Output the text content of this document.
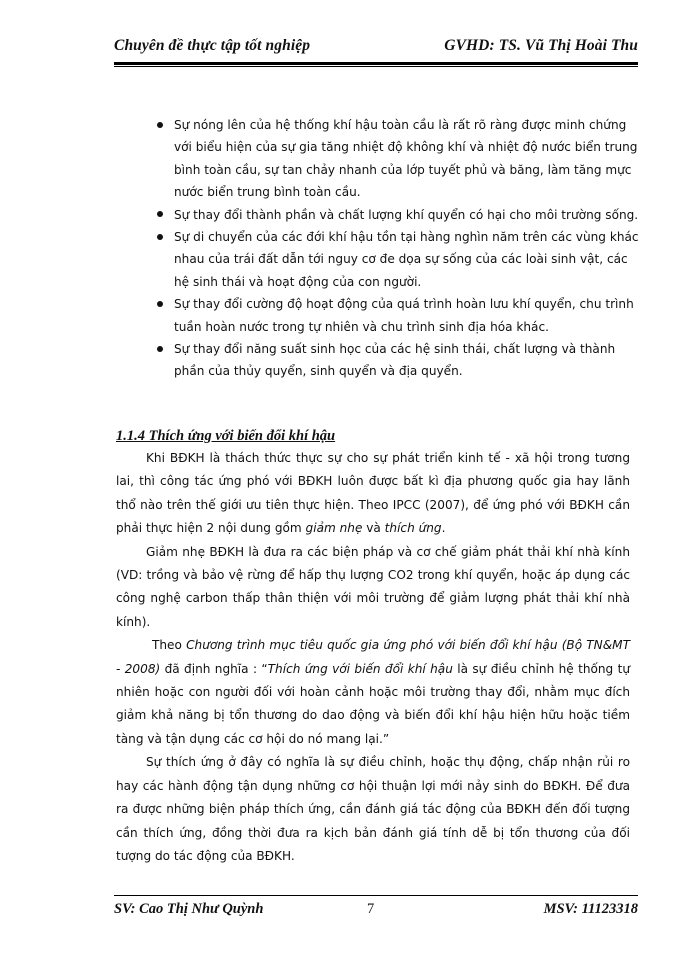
Chuyên đề thực tập tốt nghiệp	GVHD: TS. Vũ Thị Hoài Thu
Sự nóng lên của hệ thống khí hậu toàn cầu là rất rõ ràng được minh chứng với biểu hiện của sự gia tăng nhiệt độ không khí và nhiệt độ nước biển trung bình toàn cầu, sự tan chảy nhanh của lớp tuyết phủ và băng, làm tăng mực nước biển trung bình toàn cầu.
Sự thay đổi thành phần và chất lượng khí quyển có hại cho môi trường sống.
Sự di chuyển của các đới khí hậu tồn tại hàng nghìn năm trên các vùng khác nhau của trái đất dẫn tới nguy cơ đe dọa sự sống của các loài sinh vật, các hệ sinh thái và hoạt động của con người.
Sự thay đổi cường độ hoạt động của quá trình hoàn lưu khí quyển, chu trình tuần hoàn nước trong tự nhiên và chu trình sinh địa hóa khác.
Sự thay đổi năng suất sinh học của các hệ sinh thái, chất lượng và thành phần của thủy quyển, sinh quyển và địa quyển.
1.1.4 Thích ứng với biến đổi khí hậu

Khi BĐKH là thách thức thực sự cho sự phát triển kinh tế - xã hội trong tương lai, thì công tác ứng phó với BĐKH luôn được bất kì địa phương quốc gia hay lãnh thổ nào trên thế giới ưu tiên thực hiện. Theo IPCC (2007), để ứng phó với BĐKH cần phải thực hiện 2 nội dung gồm giảm nhẹ và thích ứng.

Giảm nhẹ BĐKH là đưa ra các biện pháp và cơ chế giảm phát thải khí nhà kính (VD: trồng và bảo vệ rừng để hấp thụ lượng CO2 trong khí quyển, hoặc áp dụng các công nghệ carbon thấp thân thiện với môi trường để giảm lượng phát thải khí nhà kính).

Theo Chương trình mục tiêu quốc gia ứng phó với biến đổi khí hậu (Bộ TN&MT - 2008) đã định nghĩa : “Thích ứng với biến đổi khí hậu là sự điều chỉnh hệ thống tự nhiên hoặc con người đối với hoàn cảnh hoặc môi trường thay đổi, nhằm mục đích giảm khả năng bị tổn thương do dao động và biến đổi khí hậu hiện hữu hoặc tiềm tàng và tận dụng các cơ hội do nó mang lại.”

Sự thích ứng ở đây có nghĩa là sự điều chỉnh, hoặc thụ động, chấp nhận rủi ro hay các hành động tận dụng những cơ hội thuận lợi mới nảy sinh do BĐKH. Để đưa ra được những biện pháp thích ứng, cần đánh giá tác động của BĐKH đến đối tượng cần thích ứng, đồng thời đưa ra kịch bản đánh giá tính dễ bị tổn thương của đối tượng do tác động của BĐKH.

SV: Cao Thị Như Quỳnh	7	MSV: 11123318
